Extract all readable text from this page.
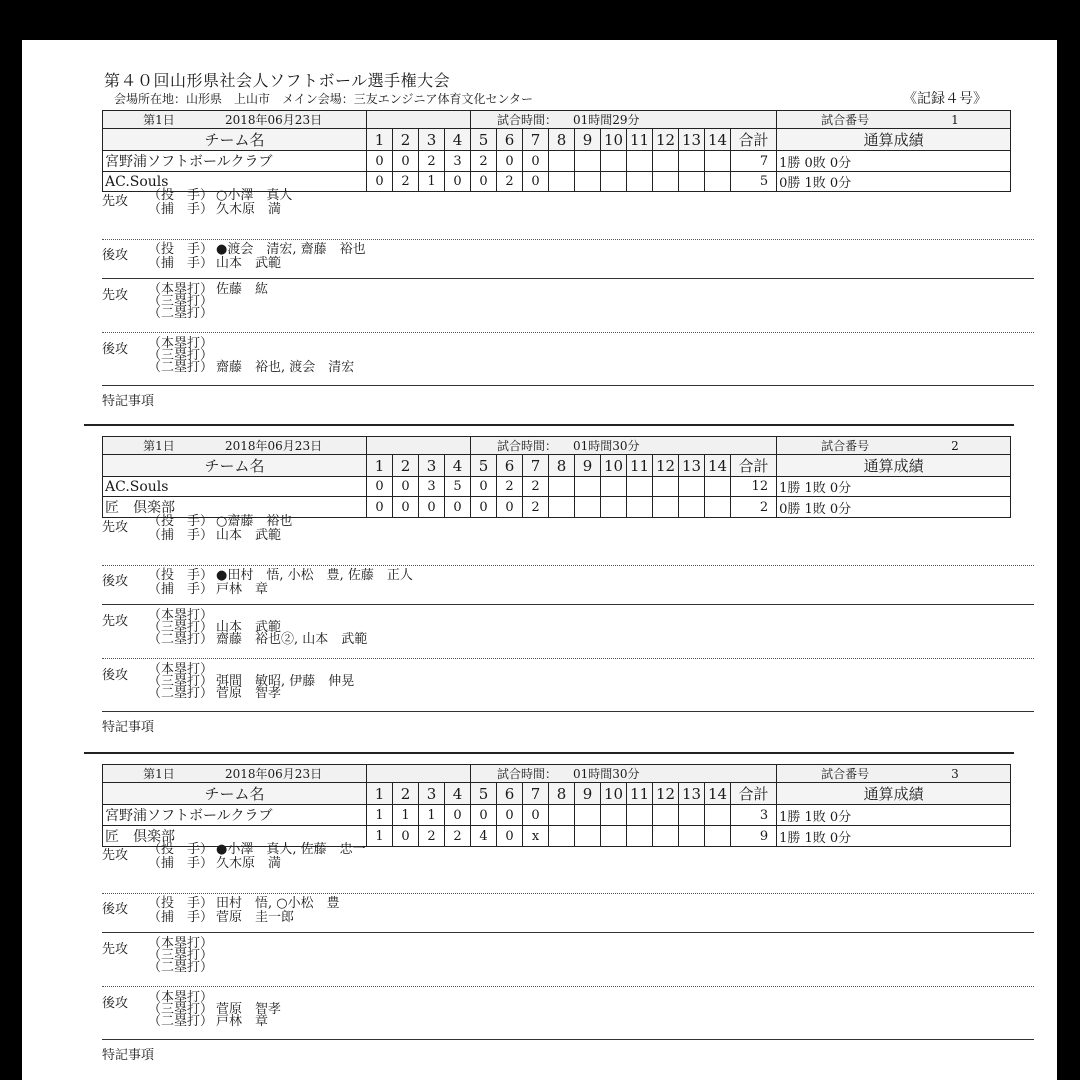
第４０回山形県社会人ソフトボール選手権大会
会場所在地：山形県　上山市　メイン会場：三友エンジニア体育文化センター	《記録４号》
第1日 2018年06月23日					試合時間： 01時間29分											試合番号 1
チーム名	1	2	3	4	5	6	7	8	9	10	11	12	13	14	合計	通算成績
宮野浦ソフトボールクラブ	0	0	2	3	2	0	0								7	1勝 0敗 0分
AC.Souls	0	2	1	0	0	2	0								5	0勝 1敗 0分
先攻 （投　手） ○小澤　真人
（捕　手） 久木原　満
後攻 （投　手） ●渡会　清宏, 齋藤　裕也
（捕　手） 山本　武範
先攻 （本塁打） 佐藤　紘
（三塁打）
（二塁打）
後攻 （本塁打）
（三塁打）
（二塁打） 齋藤　裕也, 渡会　清宏
特記事項
第1日 2018年06月23日					試合時間： 01時間30分											試合番号 2
チーム名	1	2	3	4	5	6	7	8	9	10	11	12	13	14	合計	通算成績
AC.Souls	0	0	3	5	0	2	2								12	1勝 1敗 0分
匠　倶楽部	0	0	0	0	0	0	2								2	0勝 1敗 0分
先攻 （投　手） ○齋藤　裕也
（捕　手） 山本　武範
後攻 （投　手） ●田村　悟, 小松　豊, 佐藤　正人
（捕　手） 戸林　章
先攻 （本塁打）
（三塁打） 山本　武範
（二塁打） 齋藤　裕也②, 山本　武範
後攻 （本塁打）
（三塁打） 弭間　敏昭, 伊藤　伸晃
（二塁打） 菅原　智孝
特記事項
第1日 2018年06月23日					試合時間： 01時間30分											試合番号 3
チーム名	1	2	3	4	5	6	7	8	9	10	11	12	13	14	合計	通算成績
宮野浦ソフトボールクラブ	1	1	1	0	0	0	0								3	1勝 1敗 0分
匠　倶楽部	1	0	2	2	4	0	x								9	1勝 1敗 0分
先攻 （投　手） ●小澤　真人, 佐藤　忠一
（捕　手） 久木原　満
後攻 （投　手） 田村　悟, ○小松　豊
（捕　手） 菅原　圭一郎
先攻 （本塁打）
（三塁打）
（二塁打）
後攻 （本塁打）
（三塁打） 菅原　智孝
（二塁打） 戸林　章
特記事項
